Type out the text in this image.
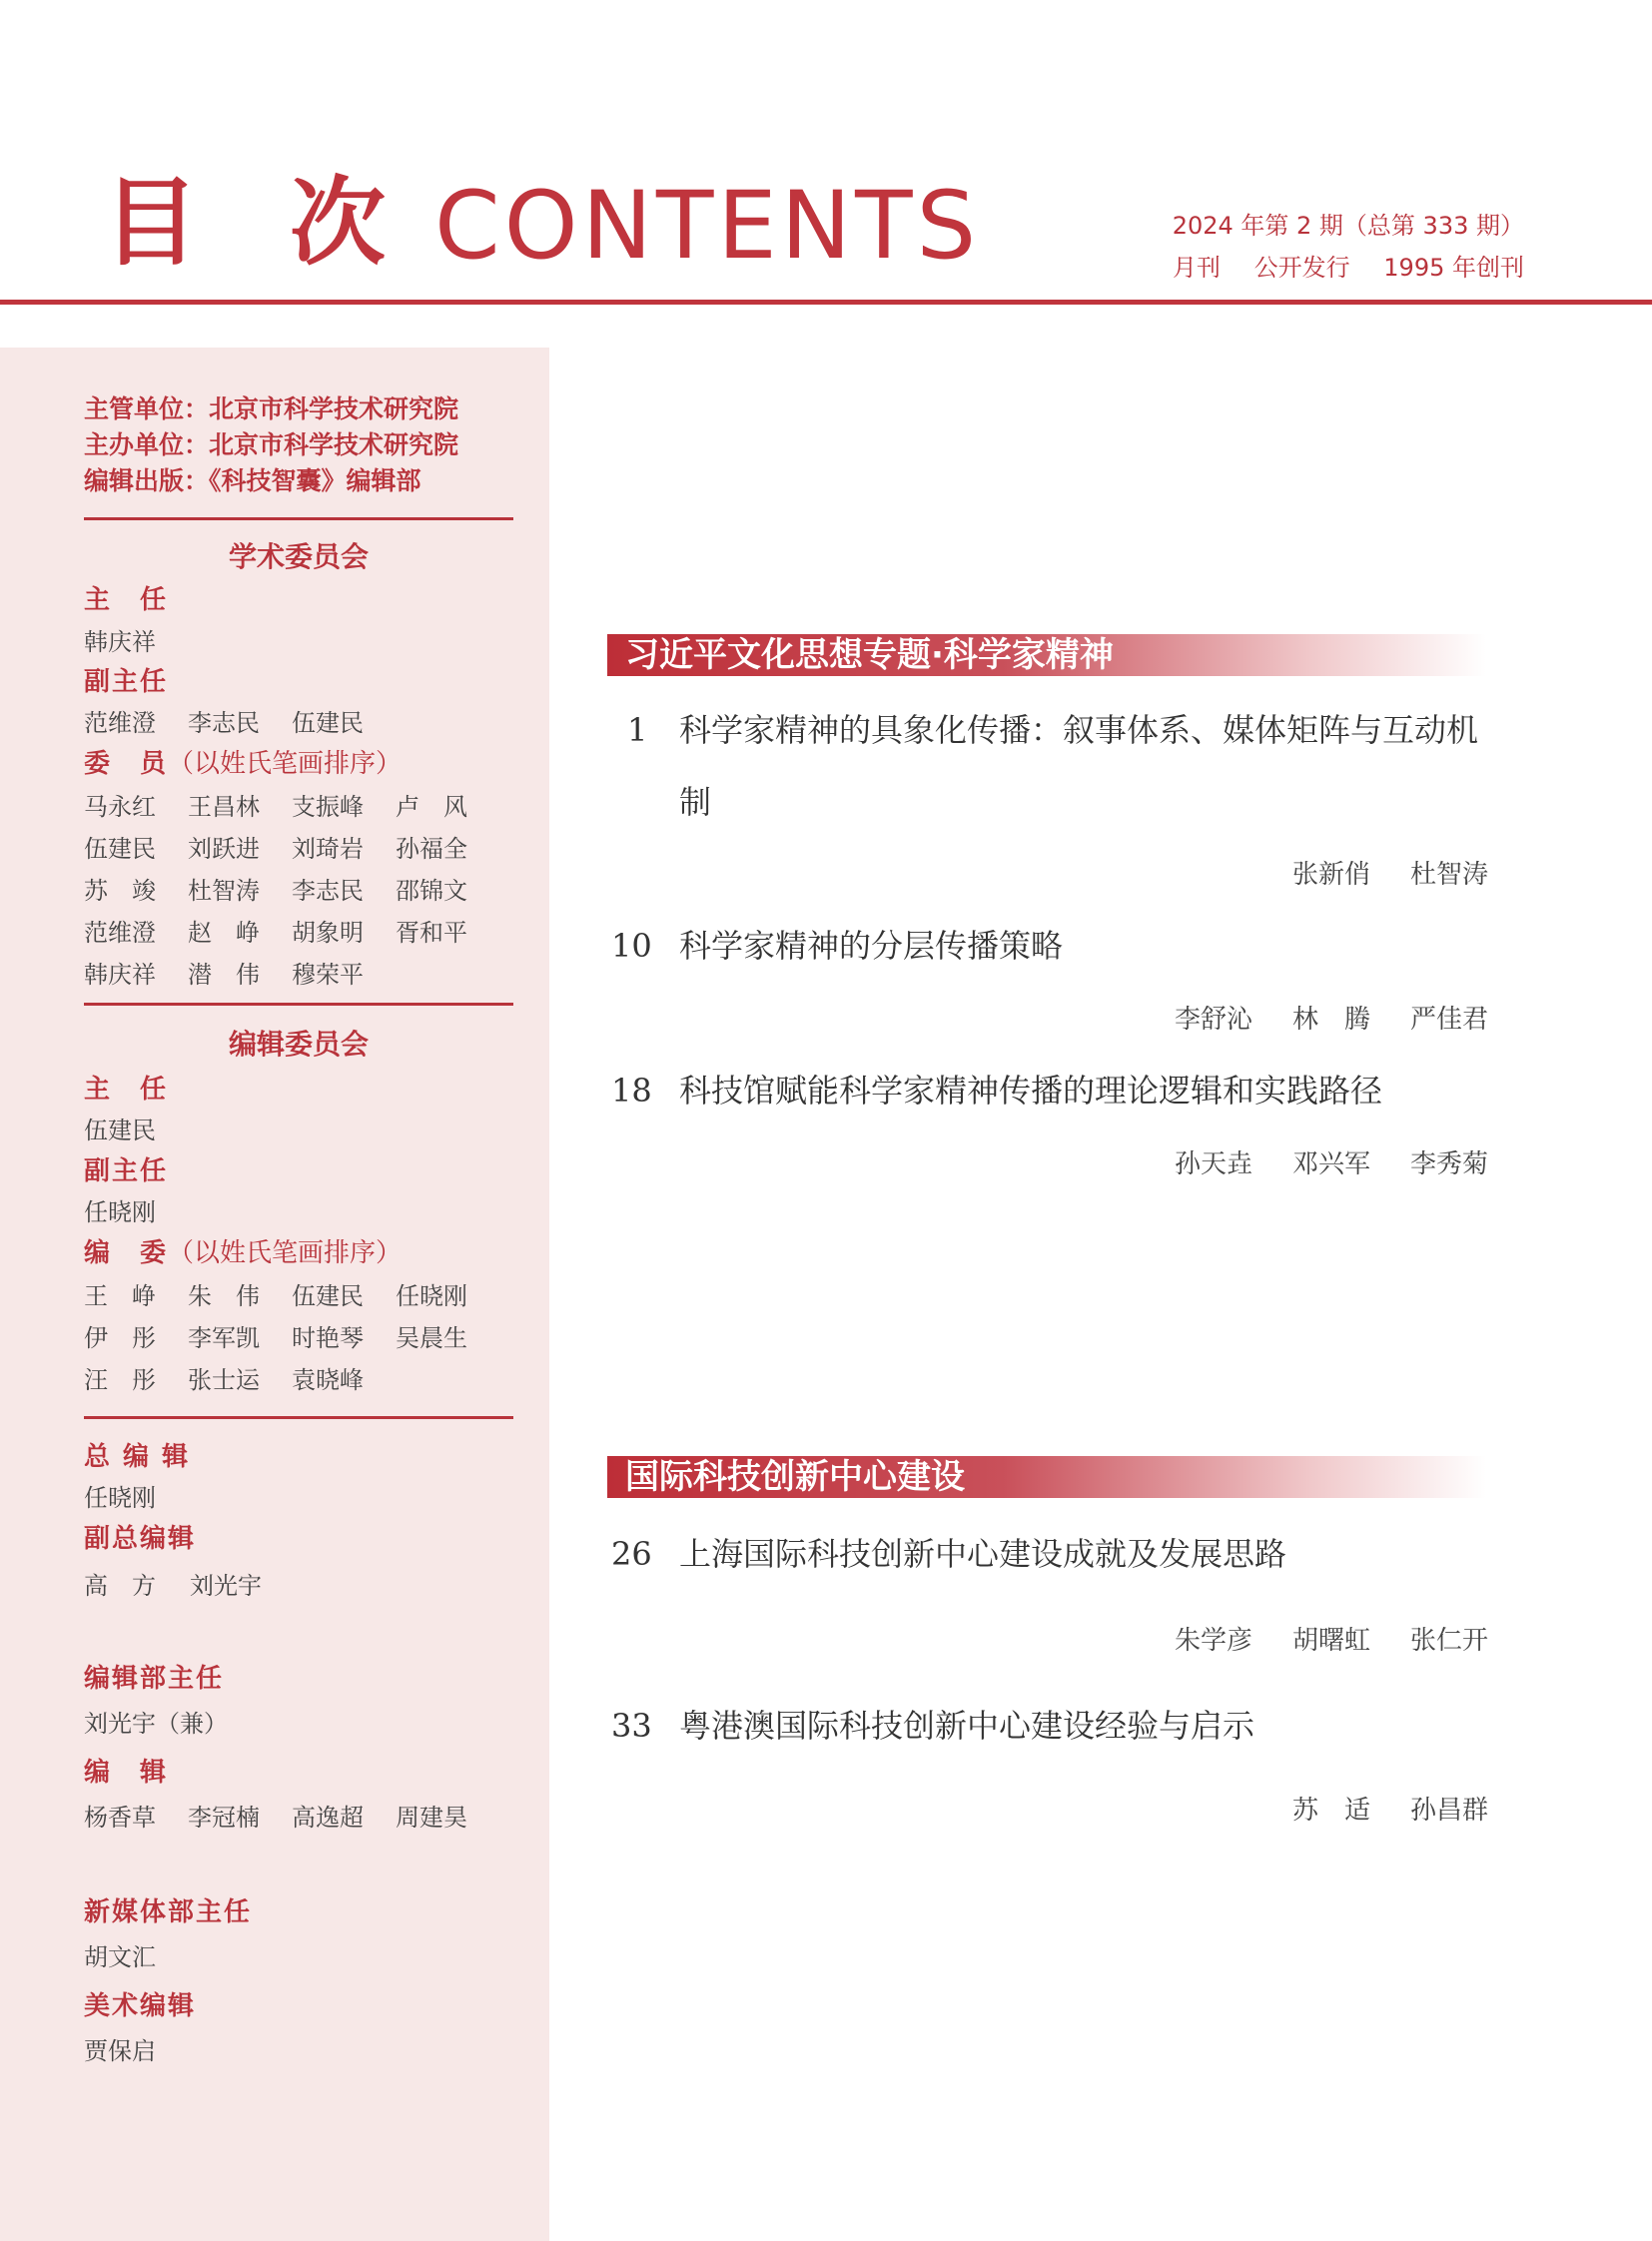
目 次 CONTENTS	2024 年第 2 期（总第 333 期）
月刊 公开发行 1995 年创刊
主管单位：北京市科学技术研究院
主办单位：北京市科学技术研究院
编辑出版：《科技智囊》编辑部
学术委员会
主　任
韩庆祥
副主任
范维澄 李志民 伍建民
委　员（以姓氏笔画排序）
马永红 王昌林 支振峰 卢　风
伍建民 刘跃进 刘琦岩 孙福全
苏　竣 杜智涛 李志民 邵锦文
范维澄 赵　峥 胡象明 胥和平
韩庆祥 潜　伟 穆荣平
编辑委员会
主　任
伍建民
副主任
任晓刚
编　委（以姓氏笔画排序）
王　峥 朱　伟 伍建民 任晓刚
伊　彤 李军凯 时艳琴 吴晨生
汪　彤 张士运 袁晓峰
总 编 辑
任晓刚
副总编辑
高　方 刘光宇
编辑部主任
刘光宇（兼）
编　辑
杨香草 李冠楠 高逸超 周建昊
新媒体部主任
胡文汇
美术编辑
贾保启
习近平文化思想专题·科学家精神
1 科学家精神的具象化传播：叙事体系、媒体矩阵与互动机制
张新俏 杜智涛
10 科学家精神的分层传播策略
李舒沁 林　腾 严佳君
18 科技馆赋能科学家精神传播的理论逻辑和实践路径
孙天垚 邓兴军 李秀菊
国际科技创新中心建设
26 上海国际科技创新中心建设成就及发展思路
朱学彦 胡曙虹 张仁开
33 粤港澳国际科技创新中心建设经验与启示
苏　适 孙昌群
